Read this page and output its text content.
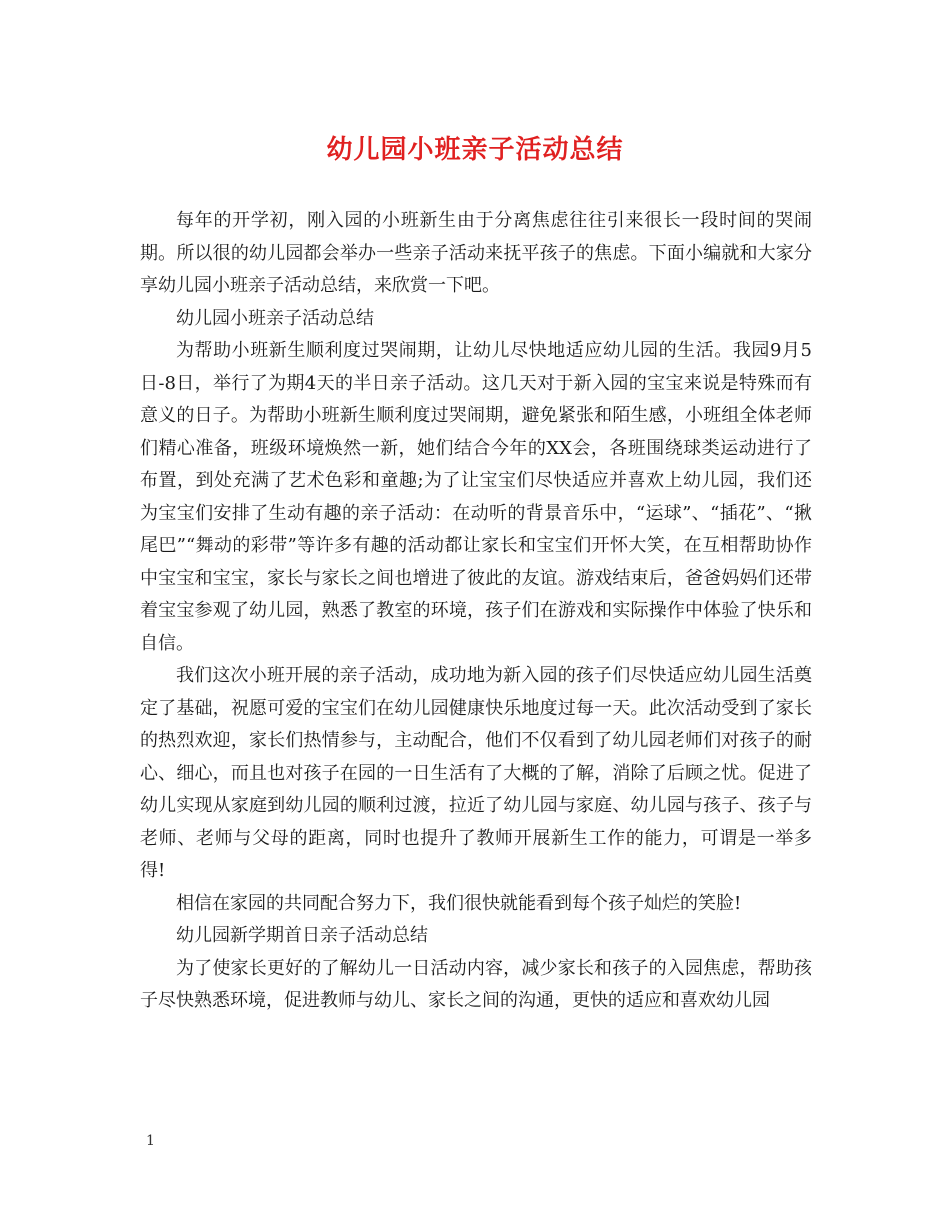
幼儿园小班亲子活动总结

每年的开学初，刚入园的小班新生由于分离焦虑往往引来很长一段时间的哭闹期。所以很的幼儿园都会举办一些亲子活动来抚平孩子的焦虑。下面小编就和大家分享幼儿园小班亲子活动总结，来欣赏一下吧。

幼儿园小班亲子活动总结

为帮助小班新生顺利度过哭闹期，让幼儿尽快地适应幼儿园的生活。我园9月5日-8日，举行了为期4天的半日亲子活动。这几天对于新入园的宝宝来说是特殊而有意义的日子。为帮助小班新生顺利度过哭闹期，避免紧张和陌生感，小班组全体老师们精心准备，班级环境焕然一新，她们结合今年的XX会，各班围绕球类运动进行了布置，到处充满了艺术色彩和童趣;为了让宝宝们尽快适应并喜欢上幼儿园，我们还为宝宝们安排了生动有趣的亲子活动：在动听的背景音乐中，“运球”、“插花”、“揪尾巴”“舞动的彩带”等许多有趣的活动都让家长和宝宝们开怀大笑，在互相帮助协作中宝宝和宝宝，家长与家长之间也增进了彼此的友谊。游戏结束后，爸爸妈妈们还带着宝宝参观了幼儿园，熟悉了教室的环境，孩子们在游戏和实际操作中体验了快乐和自信。

我们这次小班开展的亲子活动，成功地为新入园的孩子们尽快适应幼儿园生活奠定了基础，祝愿可爱的宝宝们在幼儿园健康快乐地度过每一天。此次活动受到了家长的热烈欢迎，家长们热情参与，主动配合，他们不仅看到了幼儿园老师们对孩子的耐心、细心，而且也对孩子在园的一日生活有了大概的了解，消除了后顾之忧。促进了幼儿实现从家庭到幼儿园的顺利过渡，拉近了幼儿园与家庭、幼儿园与孩子、孩子与老师、老师与父母的距离，同时也提升了教师开展新生工作的能力，可谓是一举多得!

相信在家园的共同配合努力下，我们很快就能看到每个孩子灿烂的笑脸!

幼儿园新学期首日亲子活动总结

为了使家长更好的了解幼儿一日活动内容，减少家长和孩子的入园焦虑，帮助孩子尽快熟悉环境，促进教师与幼儿、家长之间的沟通，更快的适应和喜欢幼儿园

1
